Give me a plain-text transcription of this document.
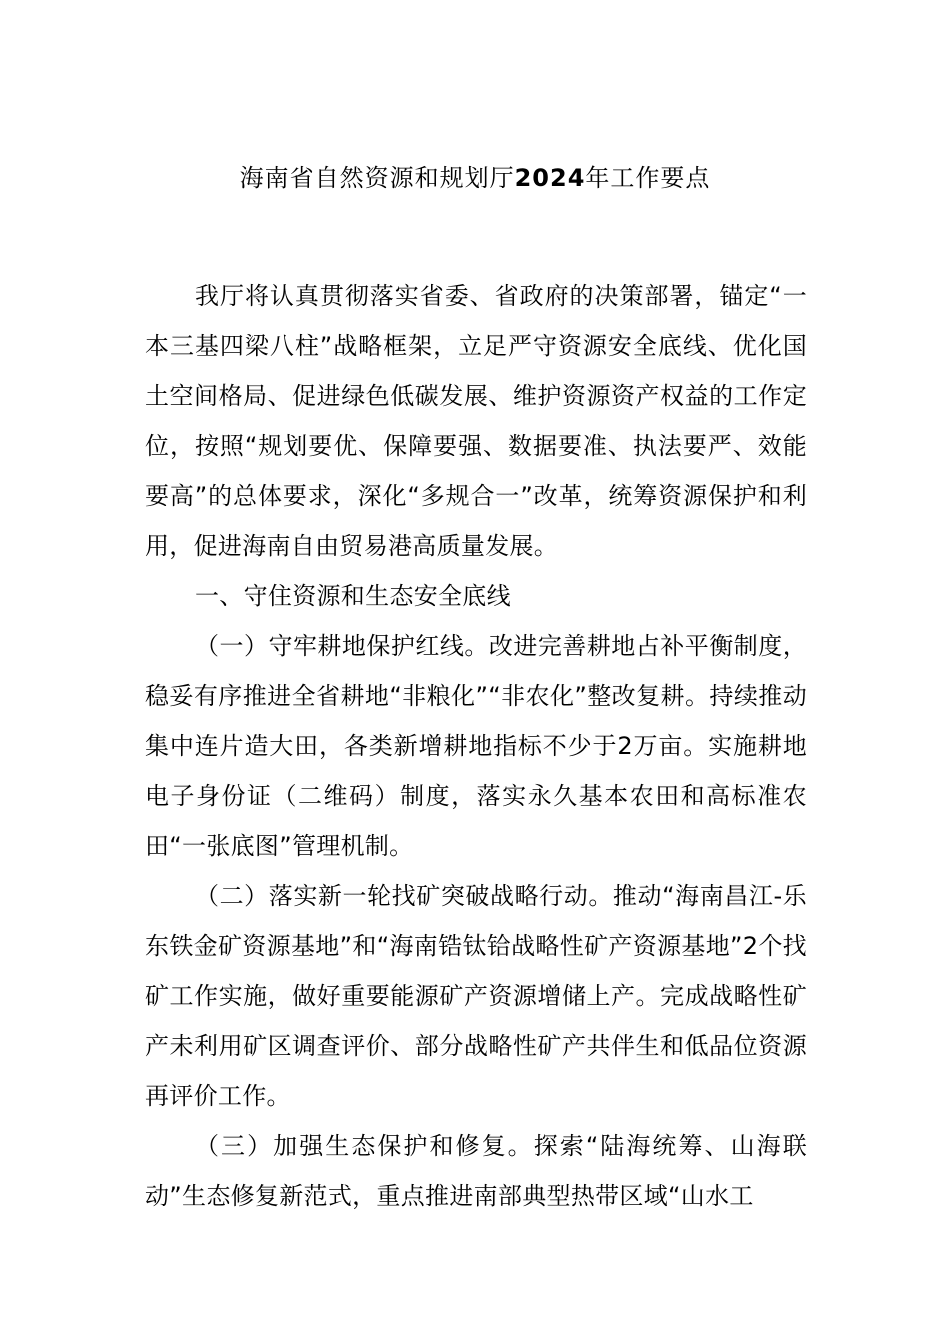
海南省自然资源和规划厅2024年工作要点

我厅将认真贯彻落实省委、省政府的决策部署，锚定“一本三基四梁八柱”战略框架，立足严守资源安全底线、优化国土空间格局、促进绿色低碳发展、维护资源资产权益的工作定位，按照“规划要优、保障要强、数据要准、执法要严、效能要高”的总体要求，深化“多规合一”改革，统筹资源保护和利用，促进海南自由贸易港高质量发展。

一、守住资源和生态安全底线

（一）守牢耕地保护红线。改进完善耕地占补平衡制度，稳妥有序推进全省耕地“非粮化”“非农化”整改复耕。持续推动集中连片造大田，各类新增耕地指标不少于2万亩。实施耕地电子身份证（二维码）制度，落实永久基本农田和高标准农田“一张底图”管理机制。

（二）落实新一轮找矿突破战略行动。推动“海南昌江-乐东铁金矿资源基地”和“海南锆钛铪战略性矿产资源基地”2个找矿工作实施，做好重要能源矿产资源增储上产。完成战略性矿产未利用矿区调查评价、部分战略性矿产共伴生和低品位资源再评价工作。

（三）加强生态保护和修复。探索“陆海统筹、山海联动”生态修复新范式，重点推进南部典型热带区域“山水工
